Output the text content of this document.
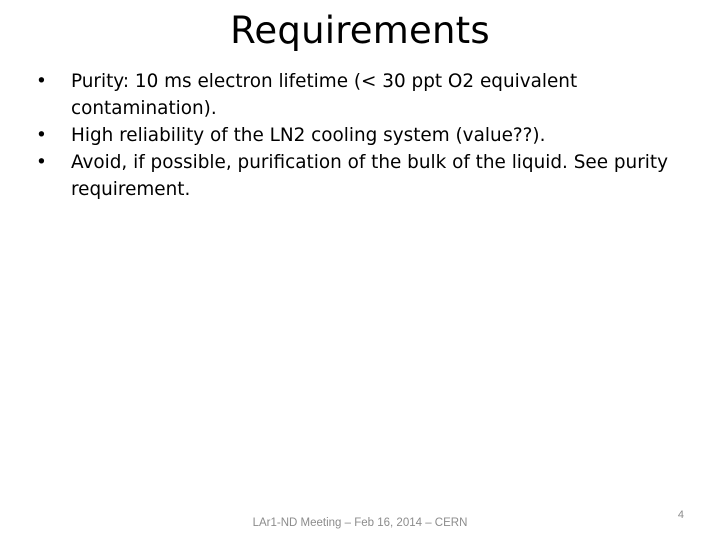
Requirements
•	Purity: 10 ms electron lifetime (< 30 ppt O2 equivalent contamination).
•	High reliability of the LN2 cooling system (value??).
•	Avoid, if possible, purification of the bulk of the liquid. See purity requirement.
LAr1-ND Meeting – Feb 16, 2014 – CERN
4
